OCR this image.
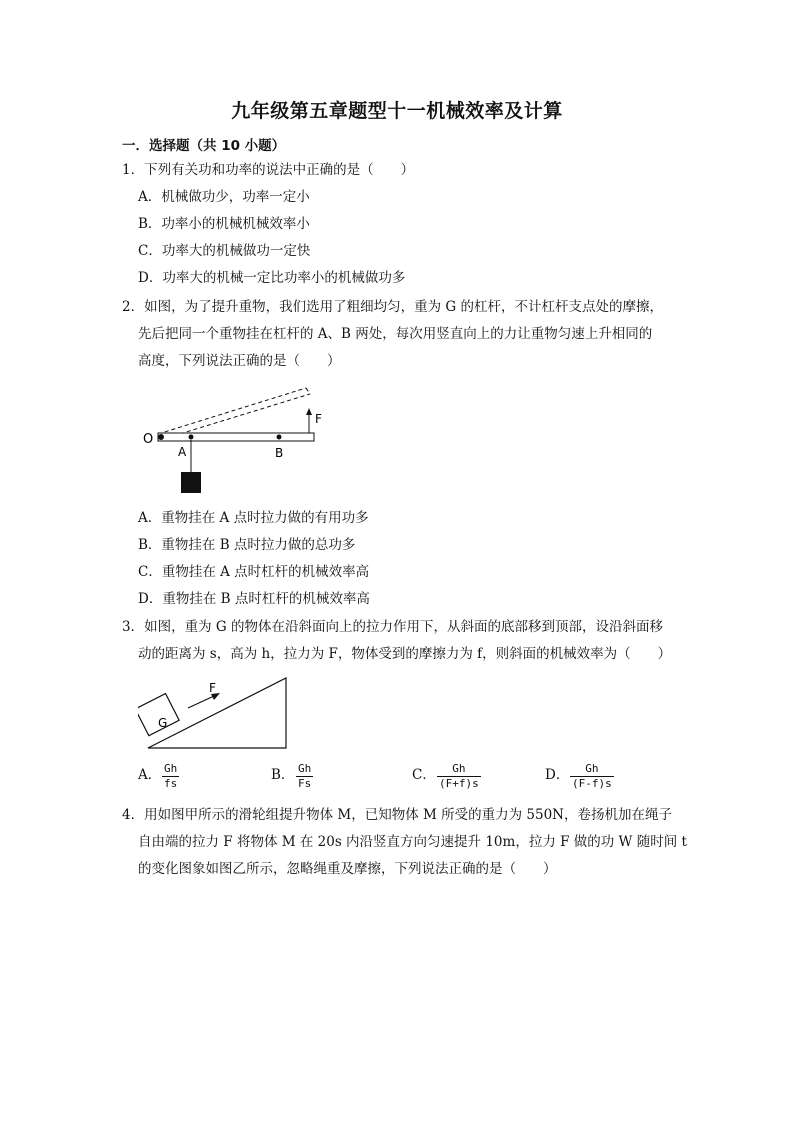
九年级第五章题型十一机械效率及计算
一．选择题（共 10 小题）
1．下列有关功和功率的说法中正确的是（　　）
A．机械做功少，功率一定小
B．功率小的机械机械效率小
C．功率大的机械做功一定快
D．功率大的机械一定比功率小的机械做功多
2．如图，为了提升重物，我们选用了粗细均匀，重为 G 的杠杆，不计杠杆支点处的摩擦，
先后把同一个重物挂在杠杆的 A、B 两处，每次用竖直向上的力让重物匀速上升相同的
高度，下列说法正确的是（　　）
O
A	B
F
A．重物挂在 A 点时拉力做的有用功多
B．重物挂在 B 点时拉力做的总功多
C．重物挂在 A 点时杠杆的机械效率高
D．重物挂在 B 点时杠杆的机械效率高
3．如图，重为 G 的物体在沿斜面向上的拉力作用下，从斜面的底部移到顶部，设沿斜面移
动的距离为 s，高为 h，拉力为 F，物体受到的摩擦力为 f，则斜面的机械效率为（　　）
G
F
A． $\frac{Gh}{fs}$	B． $\frac{Gh}{Fs}$	C． $\frac{Gh}{(F+f)s}$	D． $\frac{Gh}{(F-f)s}$
4．用如图甲所示的滑轮组提升物体 M，已知物体 M 所受的重力为 550N，卷扬机加在绳子
自由端的拉力 F 将物体 M 在 20s 内沿竖直方向匀速提升 10m，拉力 F 做的功 W 随时间 t
的变化图象如图乙所示，忽略绳重及摩擦，下列说法正确的是（　　）
